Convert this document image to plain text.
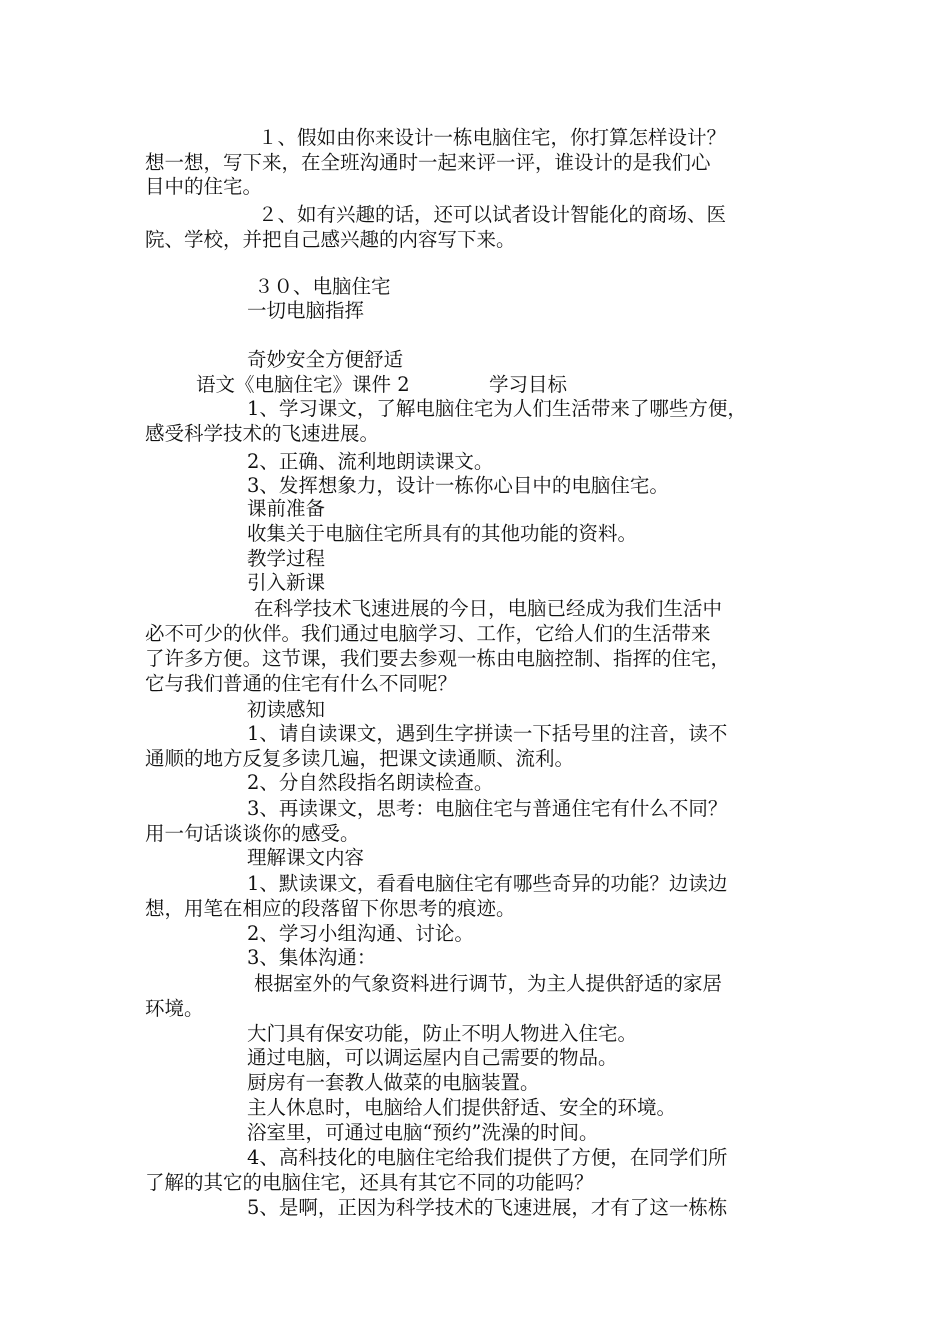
１、假如由你来设计一栋电脑住宅，你打算怎样设计？
想一想，写下来，在全班沟通时一起来评一评，谁设计的是我们心
目中的住宅。
２、如有兴趣的话，还可以试者设计智能化的商场、医
院、学校，并把自己感兴趣的内容写下来。
３０、电脑住宅
一切电脑指挥
奇妙安全方便舒适
语文《电脑住宅》课件 2	学习目标
1、学习课文，了解电脑住宅为人们生活带来了哪些方便，
感受科学技术的飞速进展。
2、正确、流利地朗读课文。
3、发挥想象力，设计一栋你心目中的电脑住宅。
课前准备
收集关于电脑住宅所具有的其他功能的资料。
教学过程
引入新课
在科学技术飞速进展的今日，电脑已经成为我们生活中
必不可少的伙伴。我们通过电脑学习、工作，它给人们的生活带来
了许多方便。这节课，我们要去参观一栋由电脑控制、指挥的住宅，
它与我们普通的住宅有什么不同呢？
初读感知
1、请自读课文，遇到生字拼读一下括号里的注音，读不
通顺的地方反复多读几遍，把课文读通顺、流利。
2、分自然段指名朗读检查。
3、再读课文，思考：电脑住宅与普通住宅有什么不同？
用一句话谈谈你的感受。
理解课文内容
1、默读课文，看看电脑住宅有哪些奇异的功能？边读边
想，用笔在相应的段落留下你思考的痕迹。
2、学习小组沟通、讨论。
3、集体沟通：
根据室外的气象资料进行调节，为主人提供舒适的家居
环境。
大门具有保安功能，防止不明人物进入住宅。
通过电脑，可以调运屋内自己需要的物品。
厨房有一套教人做菜的电脑装置。
主人休息时，电脑给人们提供舒适、安全的环境。
浴室里，可通过电脑“预约”洗澡的时间。
4、高科技化的电脑住宅给我们提供了方便，在同学们所
了解的其它的电脑住宅，还具有其它不同的功能吗？
5、是啊，正因为科学技术的飞速进展，才有了这一栋栋
